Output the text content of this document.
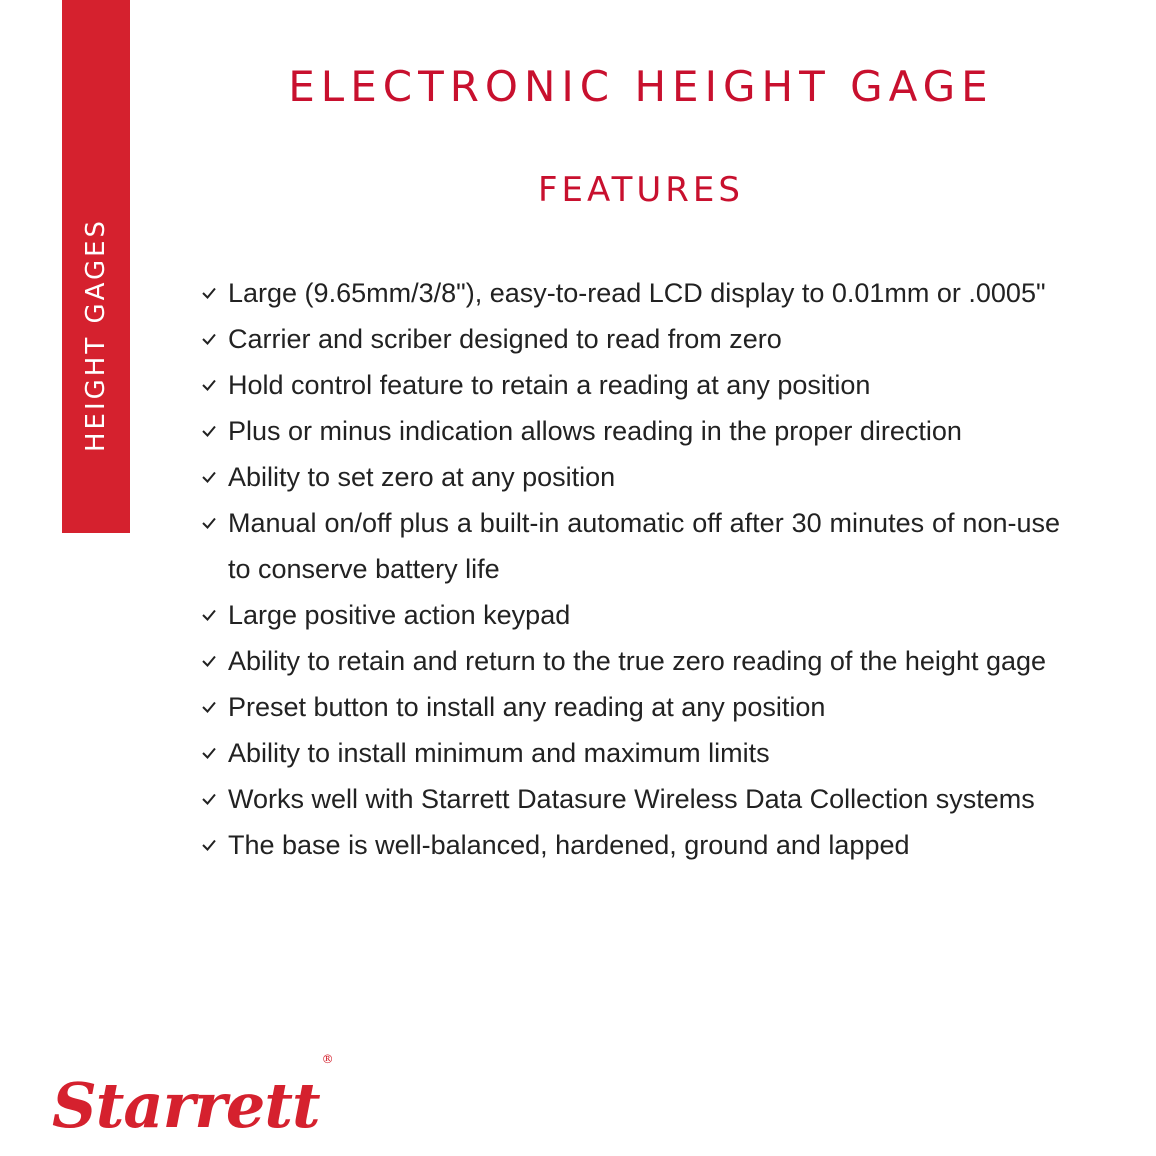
HEIGHT GAGES
ELECTRONIC HEIGHT GAGE
FEATURES
Large (9.65mm/3/8"), easy-to-read LCD display to 0.01mm or .0005"
Carrier and scriber designed to read from zero
Hold control feature to retain a reading at any position
Plus or minus indication allows reading in the proper direction
Ability to set zero at any position
Manual on/off plus a built-in automatic off after 30 minutes of non-use to conserve battery life
Large positive action keypad
Ability to retain and return to the true zero reading of the height gage
Preset button to install any reading at any position
Ability to install minimum and maximum limits
Works well with Starrett Datasure Wireless Data Collection systems
The base is well-balanced, hardened, ground and lapped
Starrett®
